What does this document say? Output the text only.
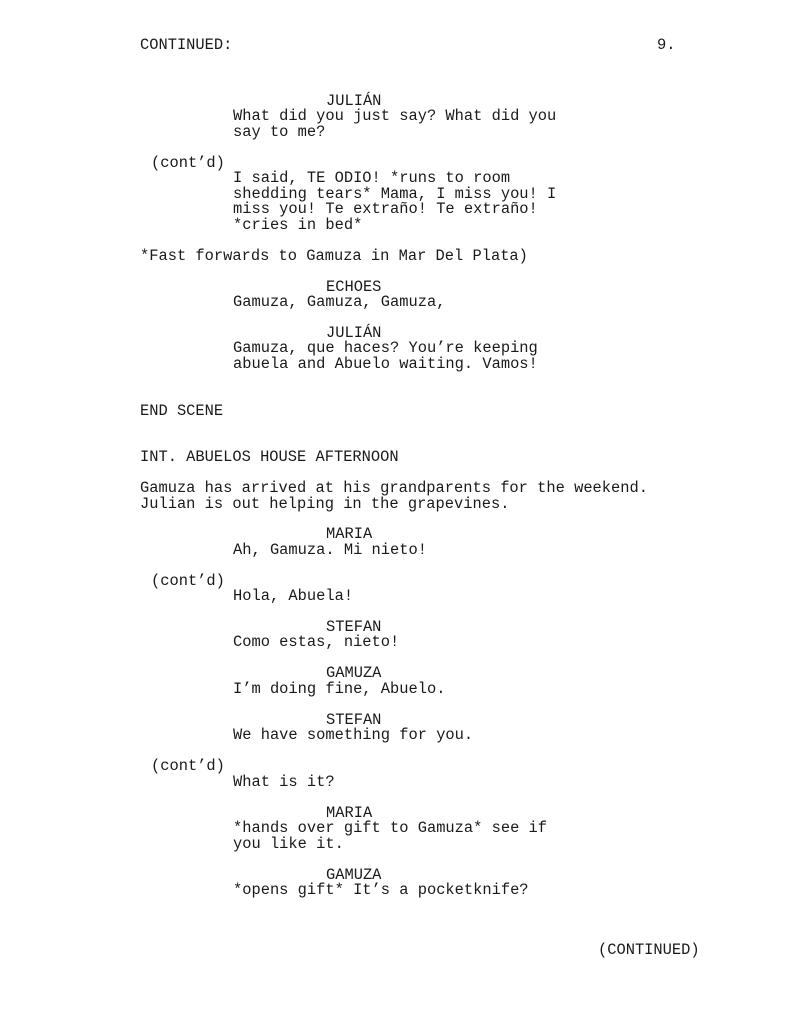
CONTINUED:	9.
JULIÁN
What did you just say? What did you
say to me?
(cont’d)
I said, TE ODIO! *runs to room
shedding tears* Mama, I miss you! I
miss you! Te extraño! Te extraño!
*cries in bed*
*Fast forwards to Gamuza in Mar Del Plata)
ECHOES
Gamuza, Gamuza, Gamuza,
JULIÁN
Gamuza, que haces? You’re keeping
abuela and Abuelo waiting. Vamos!
END SCENE
INT. ABUELOS HOUSE AFTERNOON
Gamuza has arrived at his grandparents for the weekend.
Julian is out helping in the grapevines.
MARIA
Ah, Gamuza. Mi nieto!
(cont’d)
Hola, Abuela!
STEFAN
Como estas, nieto!
GAMUZA
I’m doing fine, Abuelo.
STEFAN
We have something for you.
(cont’d)
What is it?
MARIA
*hands over gift to Gamuza* see if
you like it.
GAMUZA
*opens gift* It’s a pocketknife?
(CONTINUED)
